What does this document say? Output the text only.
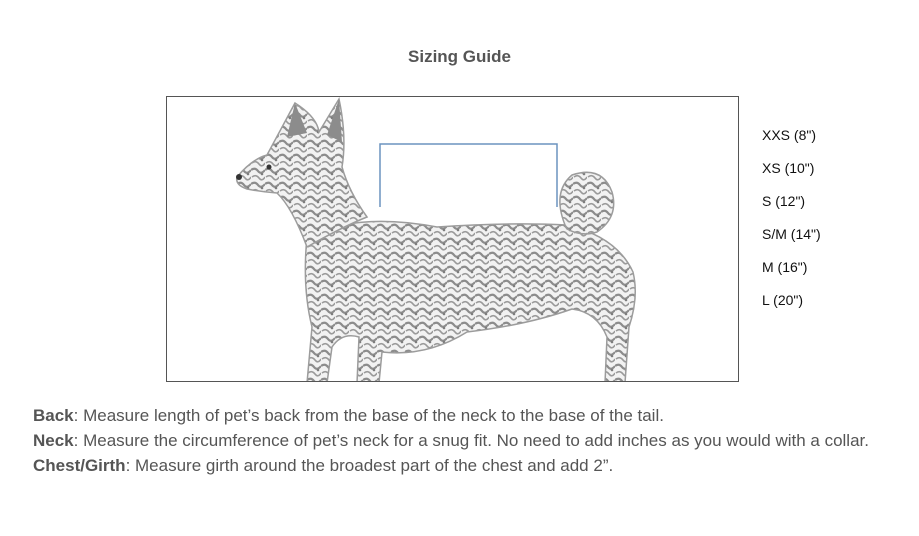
Sizing Guide
XXS (8")
XS (10")
S (12")
S/M (14")
M (16")
L (20")

Back: Measure length of pet’s back from the base of the neck to the base of the tail.

Neck: Measure the circumference of pet’s neck for a snug fit. No need to add inches as you would with a collar.

Chest/Girth: Measure girth around the broadest part of the chest and add 2”.
